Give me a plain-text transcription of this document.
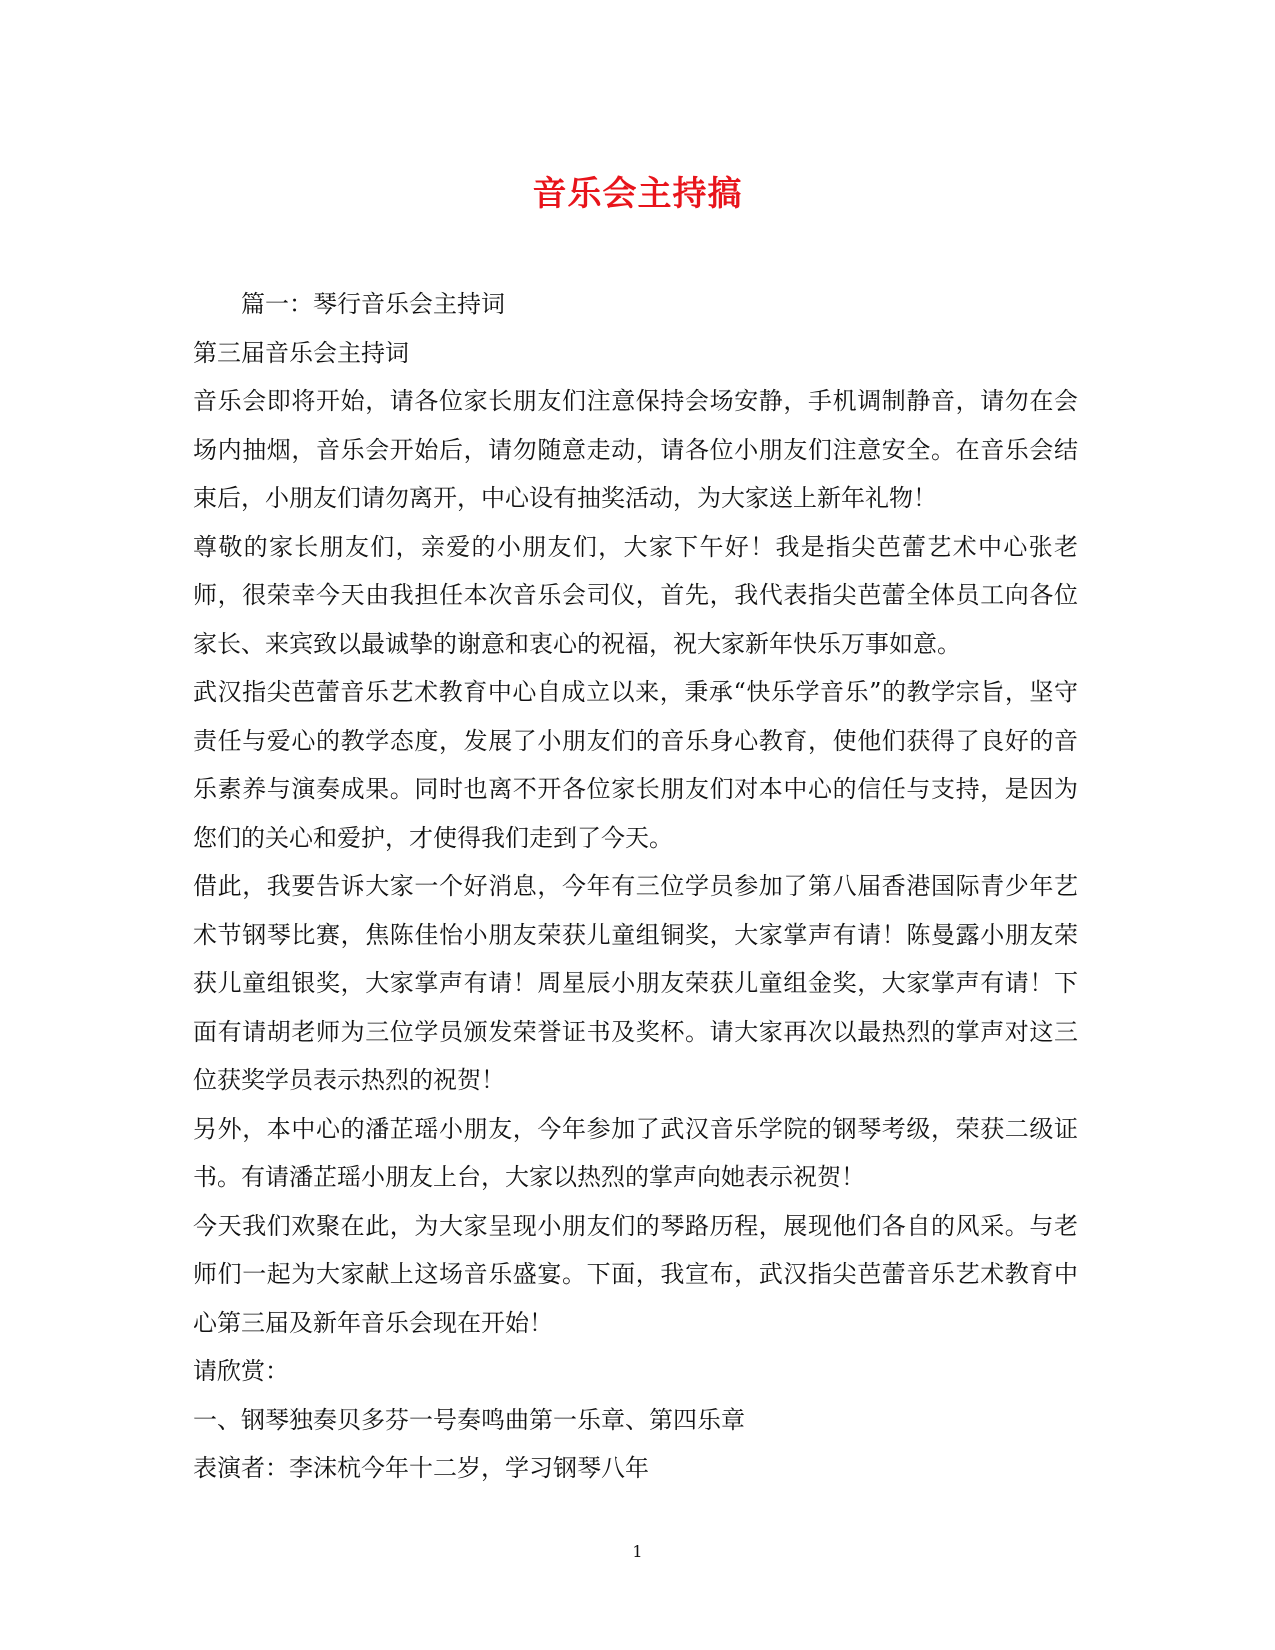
音乐会主持搞

篇一：琴行音乐会主持词

第三届音乐会主持词

音乐会即将开始，请各位家长朋友们注意保持会场安静，手机调制静音，请勿在会场内抽烟，音乐会开始后，请勿随意走动，请各位小朋友们注意安全。在音乐会结束后，小朋友们请勿离开，中心设有抽奖活动，为大家送上新年礼物！

尊敬的家长朋友们，亲爱的小朋友们，大家下午好！我是指尖芭蕾艺术中心张老师，很荣幸今天由我担任本次音乐会司仪，首先，我代表指尖芭蕾全体员工向各位家长、来宾致以最诚挚的谢意和衷心的祝福，祝大家新年快乐万事如意。

武汉指尖芭蕾音乐艺术教育中心自成立以来，秉承“快乐学音乐”的教学宗旨，坚守责任与爱心的教学态度，发展了小朋友们的音乐身心教育，使他们获得了良好的音乐素养与演奏成果。同时也离不开各位家长朋友们对本中心的信任与支持，是因为您们的关心和爱护，才使得我们走到了今天。

借此，我要告诉大家一个好消息，今年有三位学员参加了第八届香港国际青少年艺术节钢琴比赛，焦陈佳怡小朋友荣获儿童组铜奖，大家掌声有请！陈曼露小朋友荣获儿童组银奖，大家掌声有请！周星辰小朋友荣获儿童组金奖，大家掌声有请！下面有请胡老师为三位学员颁发荣誉证书及奖杯。请大家再次以最热烈的掌声对这三位获奖学员表示热烈的祝贺！

另外，本中心的潘芷瑶小朋友，今年参加了武汉音乐学院的钢琴考级，荣获二级证书。有请潘芷瑶小朋友上台，大家以热烈的掌声向她表示祝贺！

今天我们欢聚在此，为大家呈现小朋友们的琴路历程，展现他们各自的风采。与老师们一起为大家献上这场音乐盛宴。下面，我宣布，武汉指尖芭蕾音乐艺术教育中心第三届及新年音乐会现在开始！

请欣赏：

一、钢琴独奏贝多芬一号奏鸣曲第一乐章、第四乐章

表演者：李沫杭今年十二岁，学习钢琴八年

1
